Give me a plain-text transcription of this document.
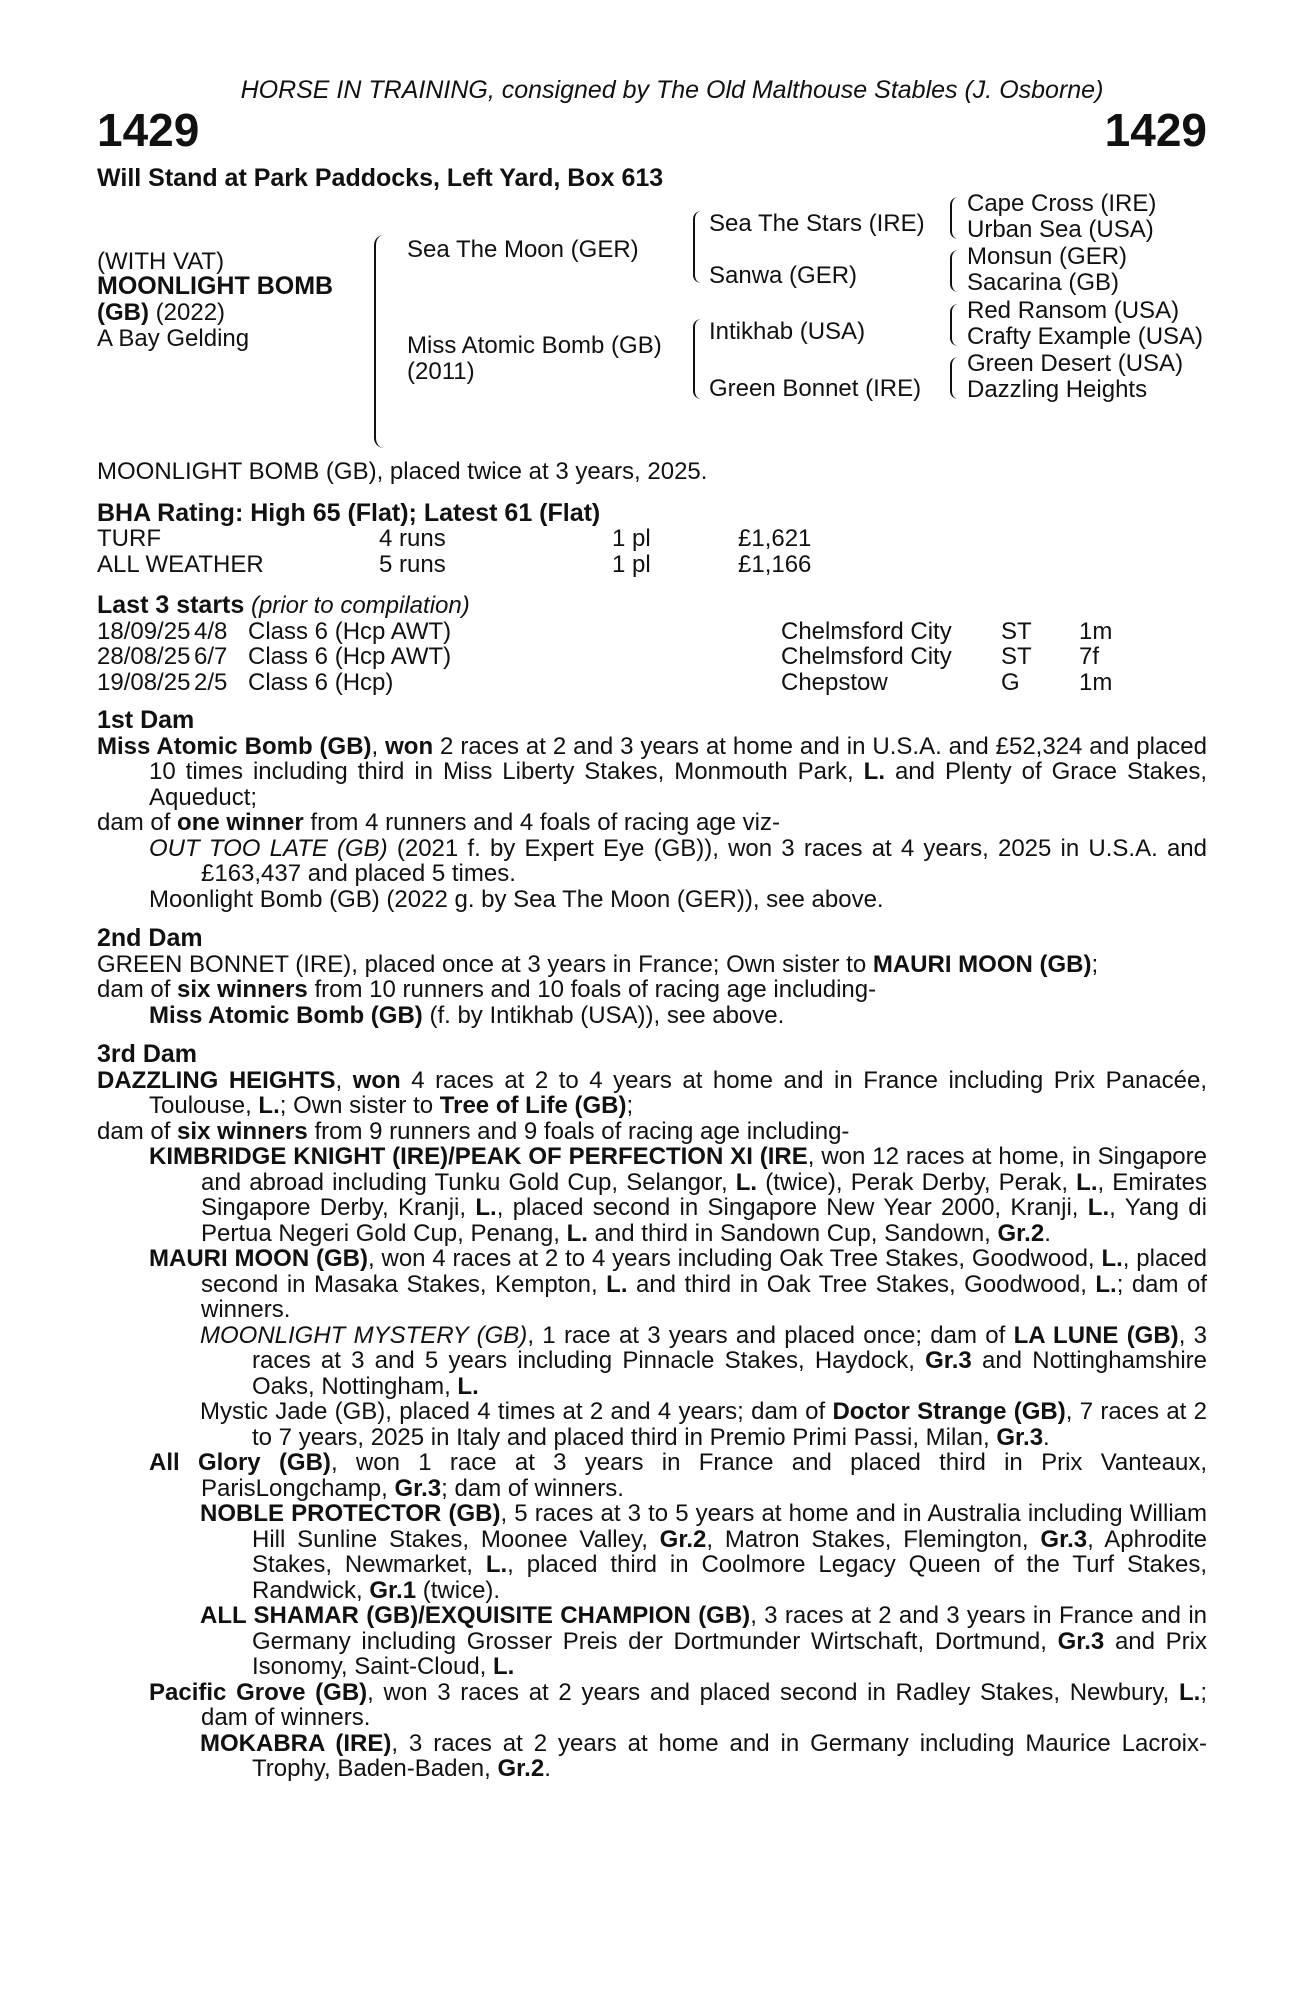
HORSE IN TRAINING, consigned by The Old Malthouse Stables (J. Osborne)
1429	1429
Will Stand at Park Paddocks, Left Yard, Box 613
(WITH VAT)
MOONLIGHT BOMB
(GB) (2022)
A Bay Gelding
Sea The Moon (GER)
Miss Atomic Bomb (GB)
(2011)
Sea The Stars (IRE)
Sanwa (GER)
Intikhab (USA)
Green Bonnet (IRE)
Cape Cross (IRE)
Urban Sea (USA)
Monsun (GER)
Sacarina (GB)
Red Ransom (USA)
Crafty Example (USA)
Green Desert (USA)
Dazzling Heights
MOONLIGHT BOMB (GB), placed twice at 3 years, 2025.
BHA Rating: High 65 (Flat); Latest 61 (Flat)
TURF	4 runs	1 pl	£1,621
ALL WEATHER	5 runs	1 pl	£1,166
Last 3 starts (prior to compilation)
18/09/25	4/8	Class 6 (Hcp AWT)	Chelmsford City	ST	1m
28/08/25	6/7	Class 6 (Hcp AWT)	Chelmsford City	ST	7f
19/08/25	2/5	Class 6 (Hcp)	Chepstow	G	1m
1st Dam
Miss Atomic Bomb (GB), won 2 races at 2 and 3 years at home and in U.S.A. and £52,324 and placed 10 times including third in Miss Liberty Stakes, Monmouth Park, L. and Plenty of Grace Stakes, Aqueduct;
dam of one winner from 4 runners and 4 foals of racing age viz-
OUT TOO LATE (GB) (2021 f. by Expert Eye (GB)), won 3 races at 4 years, 2025 in U.S.A. and £163,437 and placed 5 times.
Moonlight Bomb (GB) (2022 g. by Sea The Moon (GER)), see above.
2nd Dam
GREEN BONNET (IRE), placed once at 3 years in France; Own sister to MAURI MOON (GB);
dam of six winners from 10 runners and 10 foals of racing age including-
Miss Atomic Bomb (GB) (f. by Intikhab (USA)), see above.
3rd Dam
DAZZLING HEIGHTS, won 4 races at 2 to 4 years at home and in France including Prix Panacée, Toulouse, L.; Own sister to Tree of Life (GB);
dam of six winners from 9 runners and 9 foals of racing age including-
KIMBRIDGE KNIGHT (IRE)/PEAK OF PERFECTION XI (IRE, won 12 races at home, in Singapore and abroad including Tunku Gold Cup, Selangor, L. (twice), Perak Derby, Perak, L., Emirates Singapore Derby, Kranji, L., placed second in Singapore New Year 2000, Kranji, L., Yang di Pertua Negeri Gold Cup, Penang, L. and third in Sandown Cup, Sandown, Gr.2.
MAURI MOON (GB), won 4 races at 2 to 4 years including Oak Tree Stakes, Goodwood, L., placed second in Masaka Stakes, Kempton, L. and third in Oak Tree Stakes, Goodwood, L.; dam of winners.
MOONLIGHT MYSTERY (GB), 1 race at 3 years and placed once; dam of LA LUNE (GB), 3 races at 3 and 5 years including Pinnacle Stakes, Haydock, Gr.3 and Nottinghamshire Oaks, Nottingham, L.
Mystic Jade (GB), placed 4 times at 2 and 4 years; dam of Doctor Strange (GB), 7 races at 2 to 7 years, 2025 in Italy and placed third in Premio Primi Passi, Milan, Gr.3.
All Glory (GB), won 1 race at 3 years in France and placed third in Prix Vanteaux, ParisLongchamp, Gr.3; dam of winners.
NOBLE PROTECTOR (GB), 5 races at 3 to 5 years at home and in Australia including William Hill Sunline Stakes, Moonee Valley, Gr.2, Matron Stakes, Flemington, Gr.3, Aphrodite Stakes, Newmarket, L., placed third in Coolmore Legacy Queen of the Turf Stakes, Randwick, Gr.1 (twice).
ALL SHAMAR (GB)/EXQUISITE CHAMPION (GB), 3 races at 2 and 3 years in France and in Germany including Grosser Preis der Dortmunder Wirtschaft, Dortmund, Gr.3 and Prix Isonomy, Saint-Cloud, L.
Pacific Grove (GB), won 3 races at 2 years and placed second in Radley Stakes, Newbury, L.; dam of winners.
MOKABRA (IRE), 3 races at 2 years at home and in Germany including Maurice Lacroix-Trophy, Baden-Baden, Gr.2.
